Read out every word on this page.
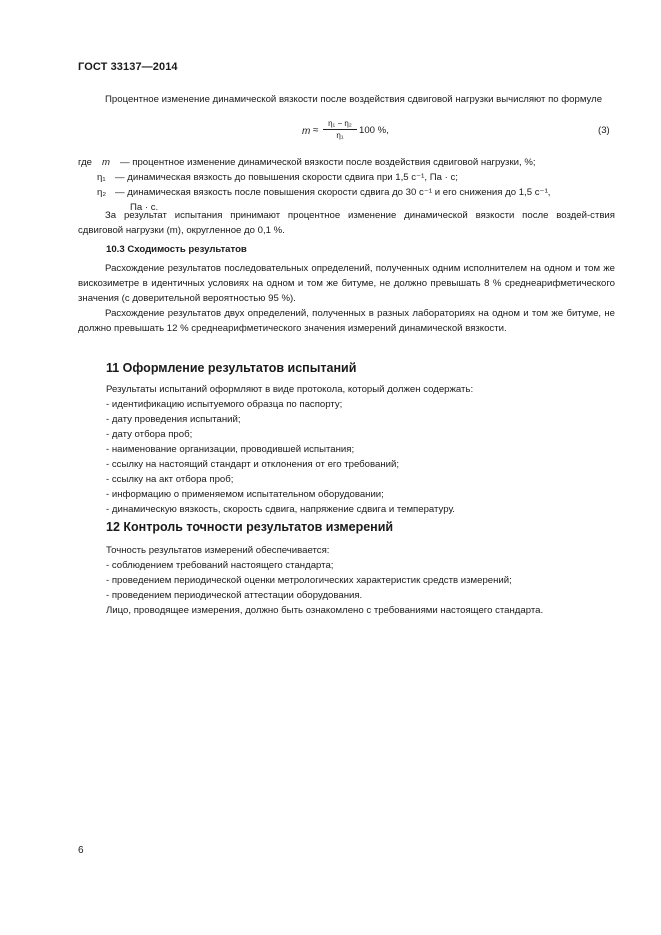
ГОСТ 33137—2014
Процентное изменение динамической вязкости после воздействия сдвиговой нагрузки вычисляют по формуле
m ≈
η₁ − η₂
η₁	100 %,	(3)
где m — процентное изменение динамической вязкости после воздействия сдвиговой нагрузки, %;
η₁ — динамическая вязкость до повышения скорости сдвига при 1,5 с⁻¹, Па · с;
η₂ — динамическая вязкость после повышения скорости сдвига до 30 с⁻¹ и его снижения до 1,5 с⁻¹,
Па · с.
За результат испытания принимают процентное изменение динамической вязкости после воздей-ствия сдвиговой нагрузки (m), округленное до 0,1 %.
10.3 Сходимость результатов
Расхождение результатов последовательных определений, полученных одним исполнителем на одном и том же вискозиметре в идентичных условиях на одном и том же битуме, не должно превышать 8 % среднеарифметического значения (с доверительной вероятностью 95 %).
Расхождение результатов двух определений, полученных в разных лабораториях на одном и том же битуме, не должно превышать 12 % среднеарифметического значения измерений динамической вязкости.
11 Оформление результатов испытаний
Результаты испытаний оформляют в виде протокола, который должен содержать:
- идентификацию испытуемого образца по паспорту;
- дату проведения испытаний;
- дату отбора проб;
- наименование организации, проводившей испытания;
- ссылку на настоящий стандарт и отклонения от его требований;
- ссылку на акт отбора проб;
- информацию о применяемом испытательном оборудовании;
- динамическую вязкость, скорость сдвига, напряжение сдвига и температуру.
12 Контроль точности результатов измерений
Точность результатов измерений обеспечивается:
- соблюдением требований настоящего стандарта;
- проведением периодической оценки метрологических характеристик средств измерений;
- проведением периодической аттестации оборудования.
Лицо, проводящее измерения, должно быть ознакомлено с требованиями настоящего стандарта.
6
